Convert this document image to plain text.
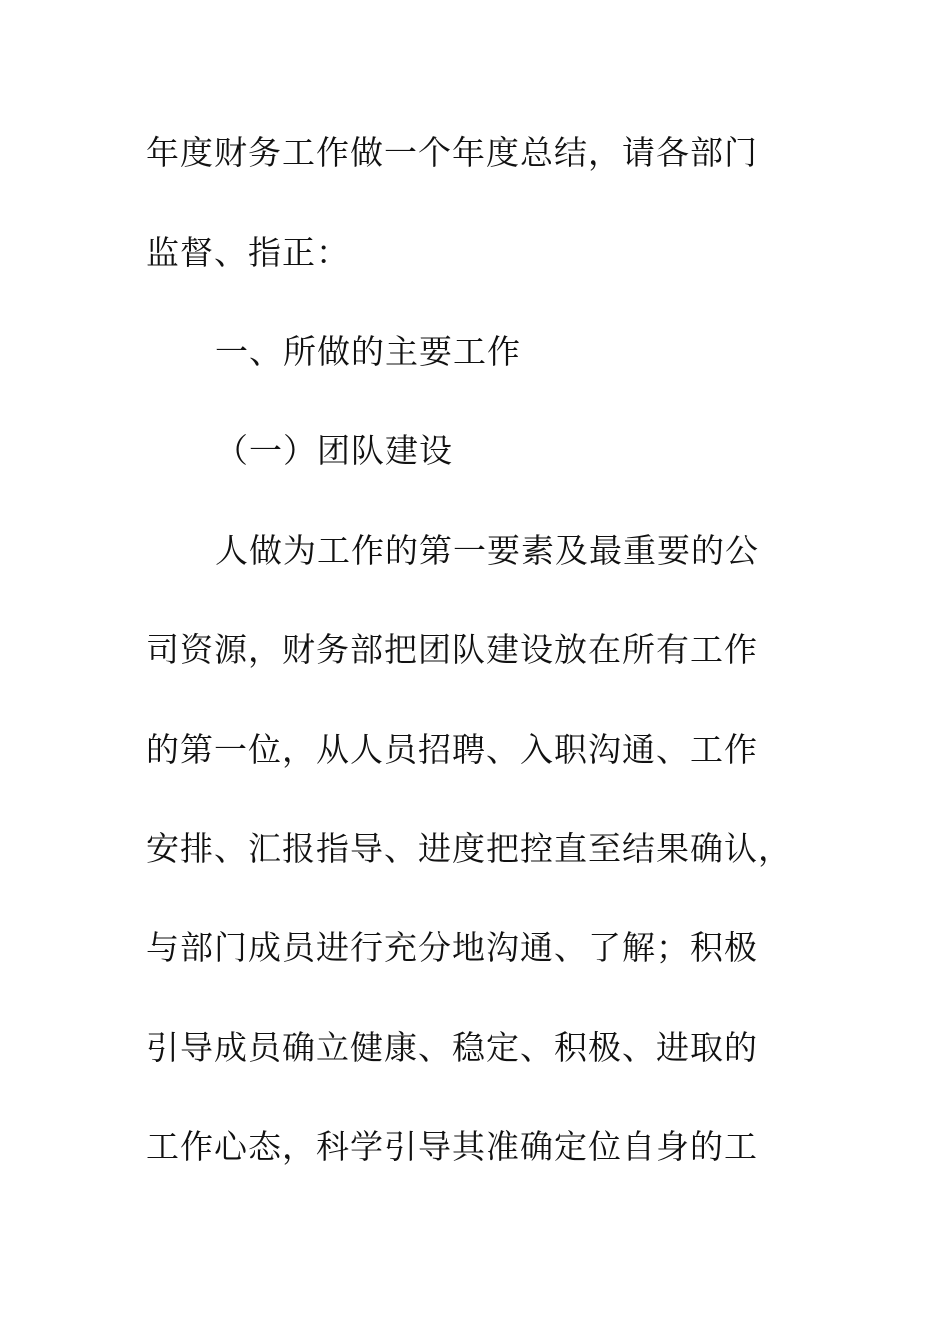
年度财务工作做一个年度总结，请各部门
监督、指正：
一、所做的主要工作
（一）团队建设
人做为工作的第一要素及最重要的公
司资源，财务部把团队建设放在所有工作
的第一位，从人员招聘、入职沟通、工作
安排、汇报指导、进度把控直至结果确认，
与部门成员进行充分地沟通、了解；积极
引导成员确立健康、稳定、积极、进取的
工作心态，科学引导其准确定位自身的工
